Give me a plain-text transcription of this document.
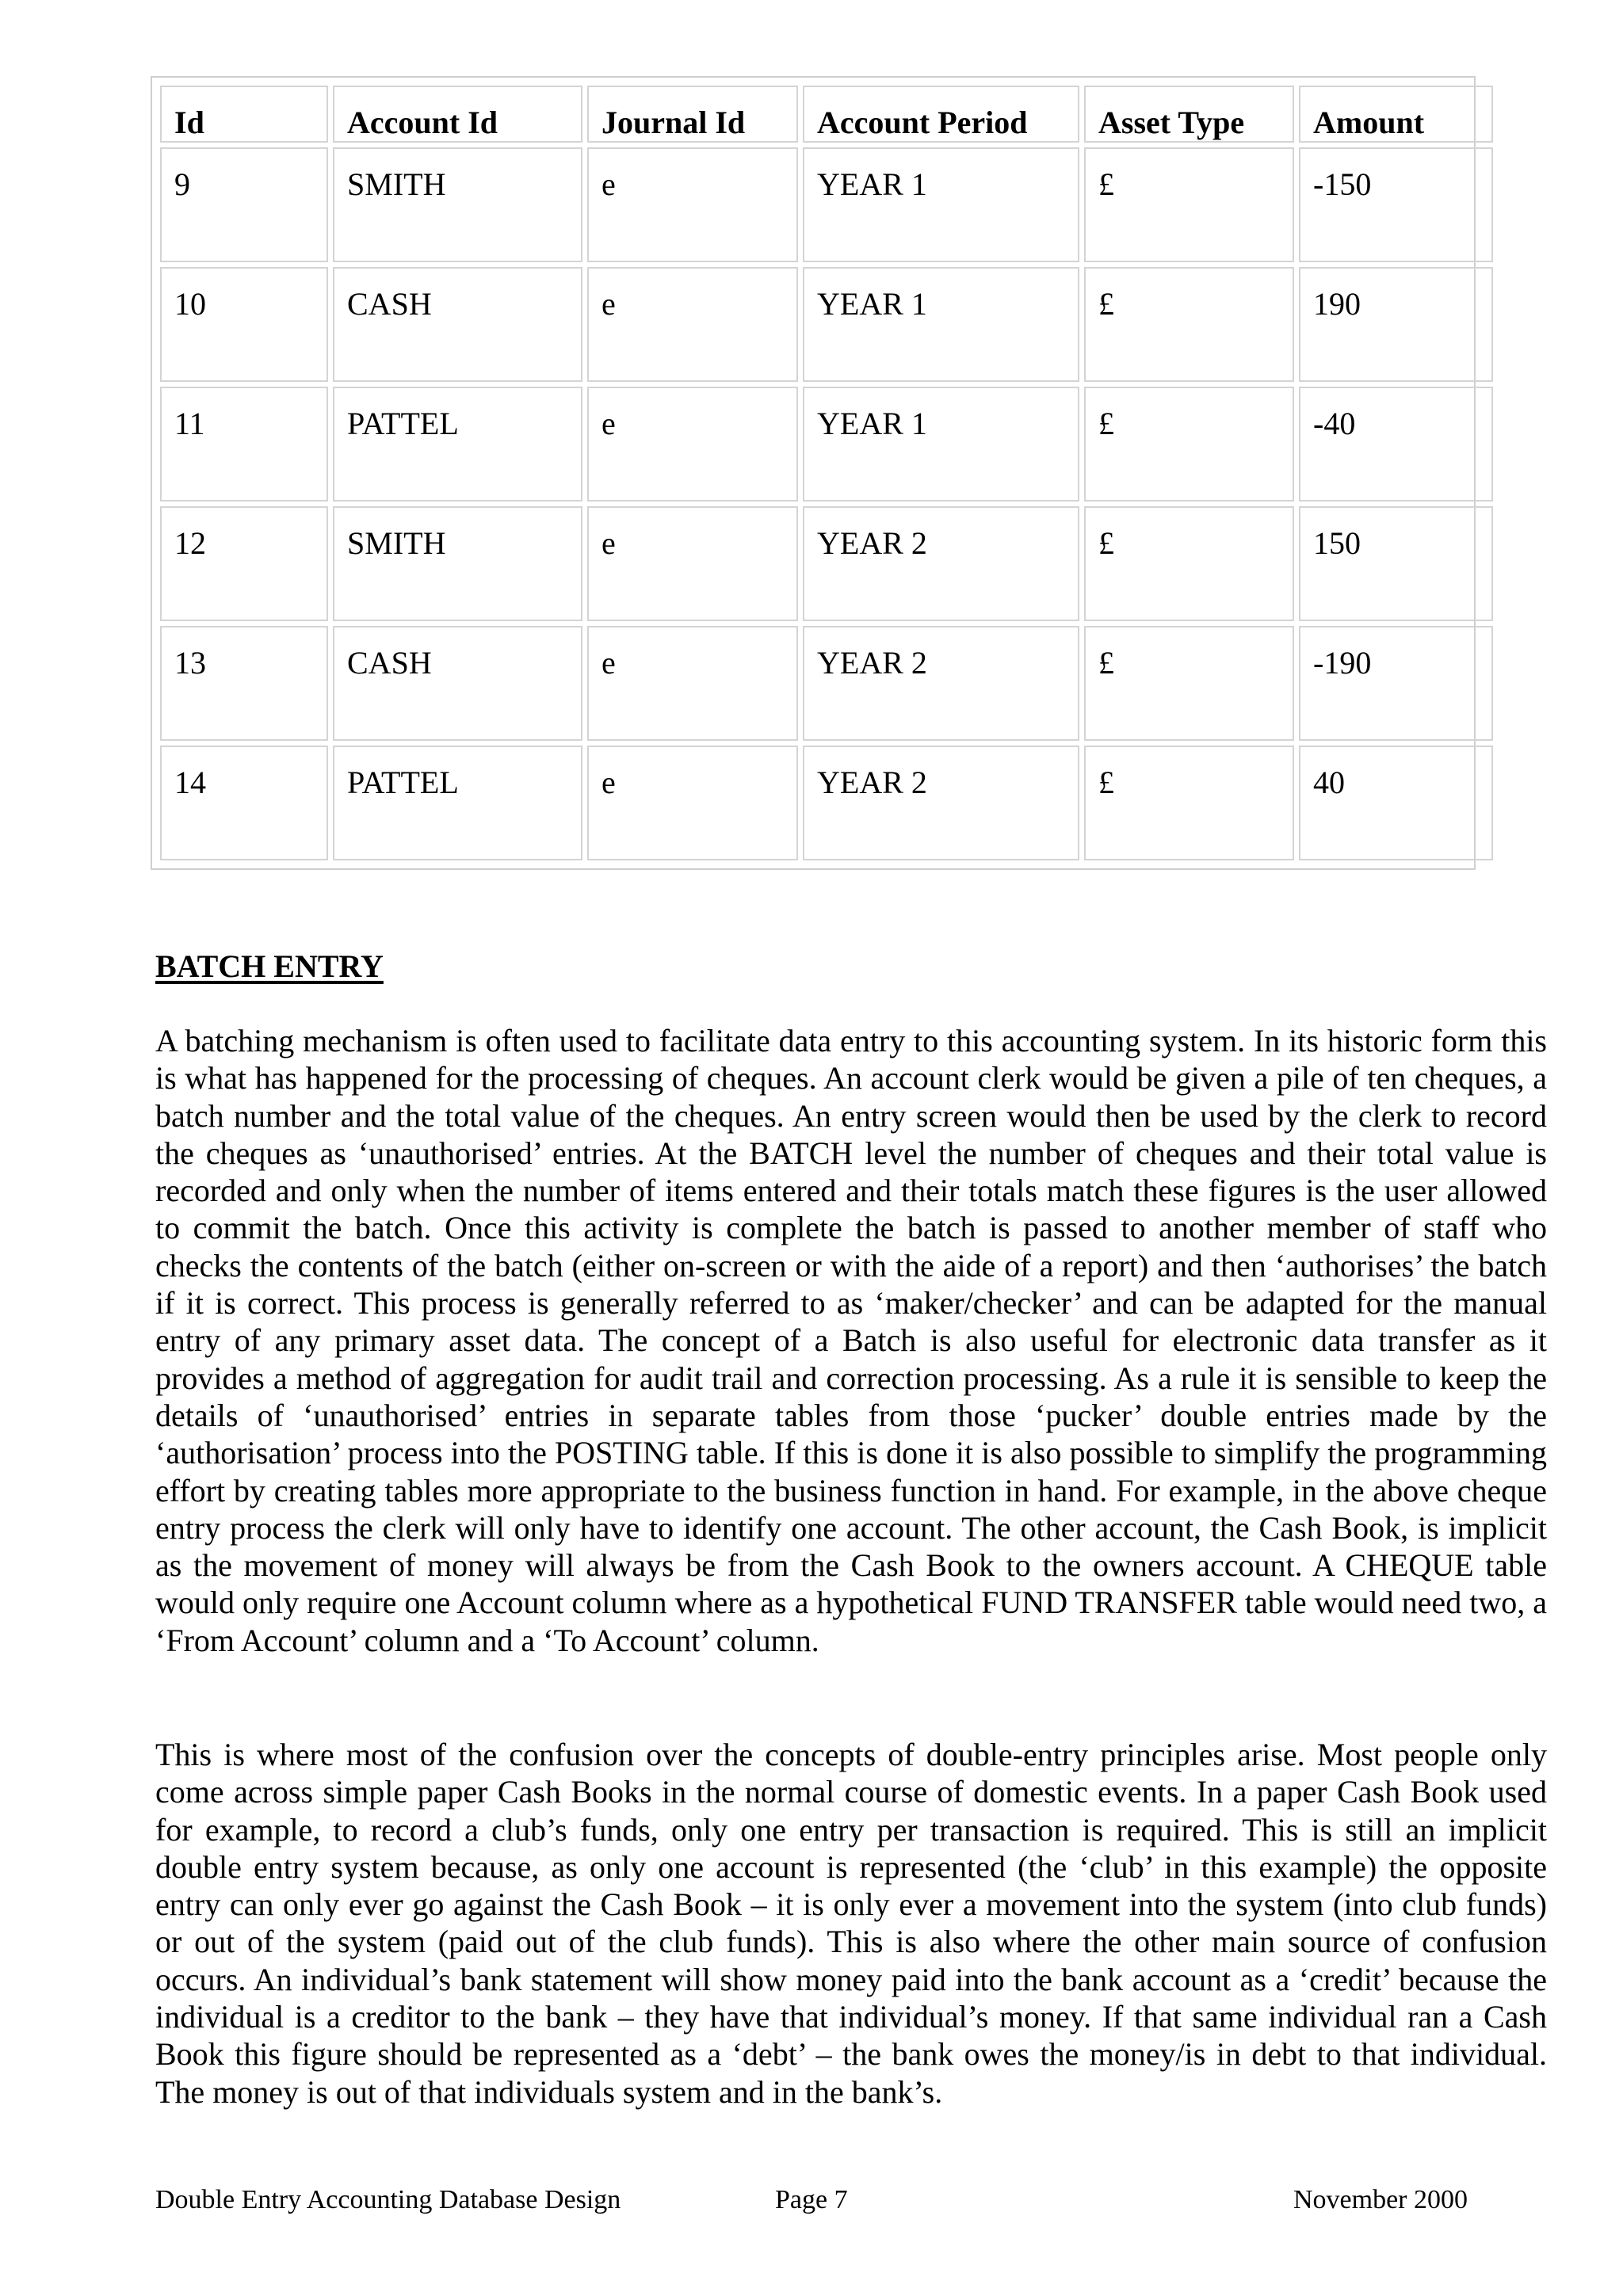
Id	Account Id	Journal Id	Account Period	Asset Type	Amount
9	SMITH	e	YEAR 1	£	-150
10	CASH	e	YEAR 1	£	190
11	PATTEL	e	YEAR 1	£	-40
12	SMITH	e	YEAR 2	£	150
13	CASH	e	YEAR 2	£	-190
14	PATTEL	e	YEAR 2	£	40
BATCH ENTRY

A batching mechanism is often used to facilitate data entry to this accounting system. In its historic form this is what has happened for the processing of cheques. An account clerk would be given a pile of ten cheques, a batch number and the total value of the cheques. An entry screen would then be used by the clerk to record the cheques as ‘unauthorised’ entries. At the BATCH level the number of cheques and their total value is recorded and only when the number of items entered and their totals match these figures is the user allowed to commit the batch. Once this activity is complete the batch is passed to another member of staff who checks the contents of the batch (either on-screen or with the aide of a report) and then ‘authorises’ the batch if it is correct. This process is generally referred to as ‘maker/checker’ and can be adapted for the manual entry of any primary asset data. The concept of a Batch is also useful for electronic data transfer as it provides a method of aggregation for audit trail and correction processing. As a rule it is sensible to keep the details of ‘unauthorised’ entries in separate tables from those ‘pucker’ double entries made by the ‘authorisation’ process into the POSTING table. If this is done it is also possible to simplify the programming effort by creating tables more appropriate to the business function in hand. For example, in the above cheque entry process the clerk will only have to identify one account. The other account, the Cash Book, is implicit as the movement of money will always be from the Cash Book to the owners account. A CHEQUE table would only require one Account column where as a hypothetical FUND TRANSFER table would need two, a ‘From Account’ column and a ‘To Account’ column.

This is where most of the confusion over the concepts of double-entry principles arise. Most people only come across simple paper Cash Books in the normal course of domestic events. In a paper Cash Book used for example, to record a club’s funds, only one entry per transaction is required. This is still an implicit double entry system because, as only one account is represented (the ‘club’ in this example) the opposite entry can only ever go against the Cash Book – it is only ever a movement into the system (into club funds) or out of the system (paid out of the club funds). This is also where the other main source of confusion occurs. An individual’s bank statement will show money paid into the bank account as a ‘credit’ because the individual is a creditor to the bank – they have that individual’s money. If that same individual ran a Cash Book this figure should be represented as a ‘debt’ – the bank owes the money/is in debt to that individual. The money is out of that individuals system and in the bank’s.

Double Entry Accounting Database Design	Page 7	November 2000
